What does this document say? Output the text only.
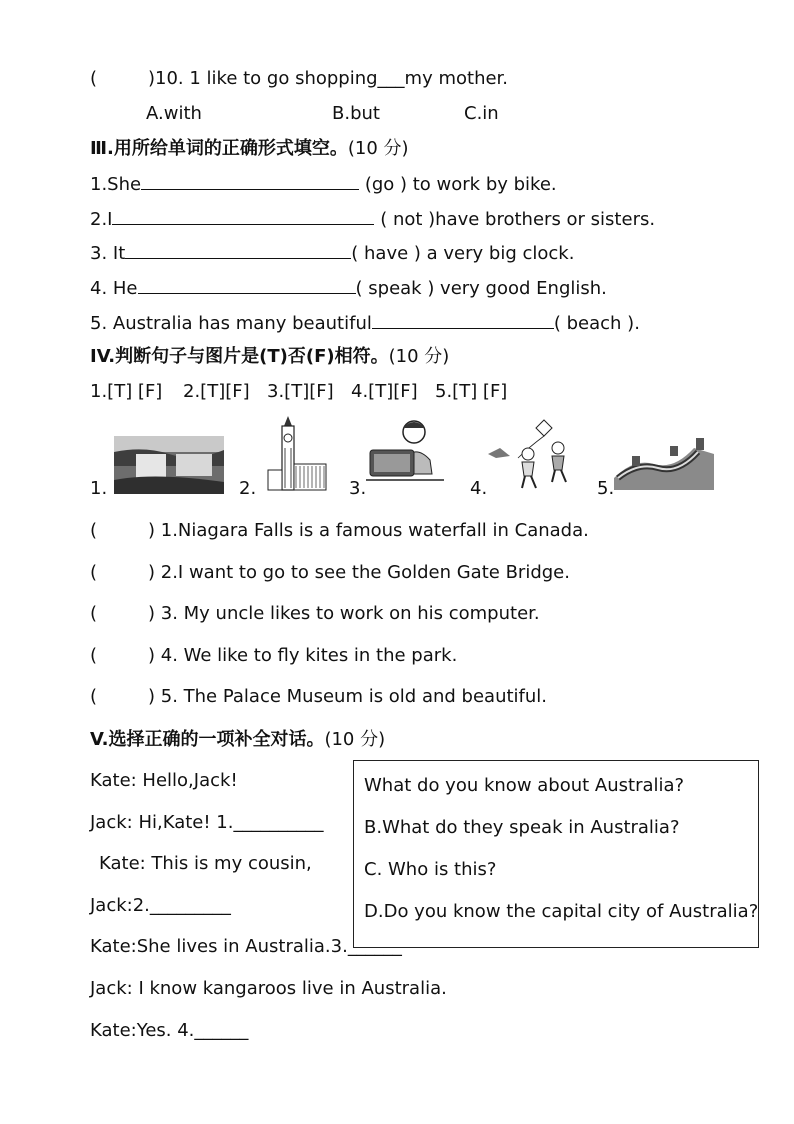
(	)10. 1 like to go shopping___my mother.
A.with	B.but	C.in
Ⅲ.用所给单词的正确形式填空。(10 分)
1.She	(go ) to work by bike.
2.I	( not )have brothers or sisters.
3. It	( have ) a very big clock.
4. He	( speak ) very good English.
5. Australia has many beautiful	( beach ).
IV.判断句子与图片是(T)否(F)相符。(10 分)
1.[T] [F] 2.[T][F] 3.[T][F] 4.[T][F] 5.[T] [F]
1.	2.	3.	4.	5.
(	) 1.Niagara Falls is a famous waterfall in Canada.
(	) 2.I want to go to see the Golden Gate Bridge.
(	) 3. My uncle likes to work on his computer.
(	) 4. We like to fly kites in the park.
(	) 5. The Palace Museum is old and beautiful.
V.选择正确的一项补全对话。(10 分)
Kate: Hello,Jack!
Jack: Hi,Kate! 1.__________
Kate: This is my cousin,
Jack:2._________
Kate:She lives in Australia.3.______
Jack: I know kangaroos live in Australia.
Kate:Yes. 4.______
What do you know about Australia?
B.What do they speak in Australia?
C. Who is this?
D.Do you know the capital city of Australia?
